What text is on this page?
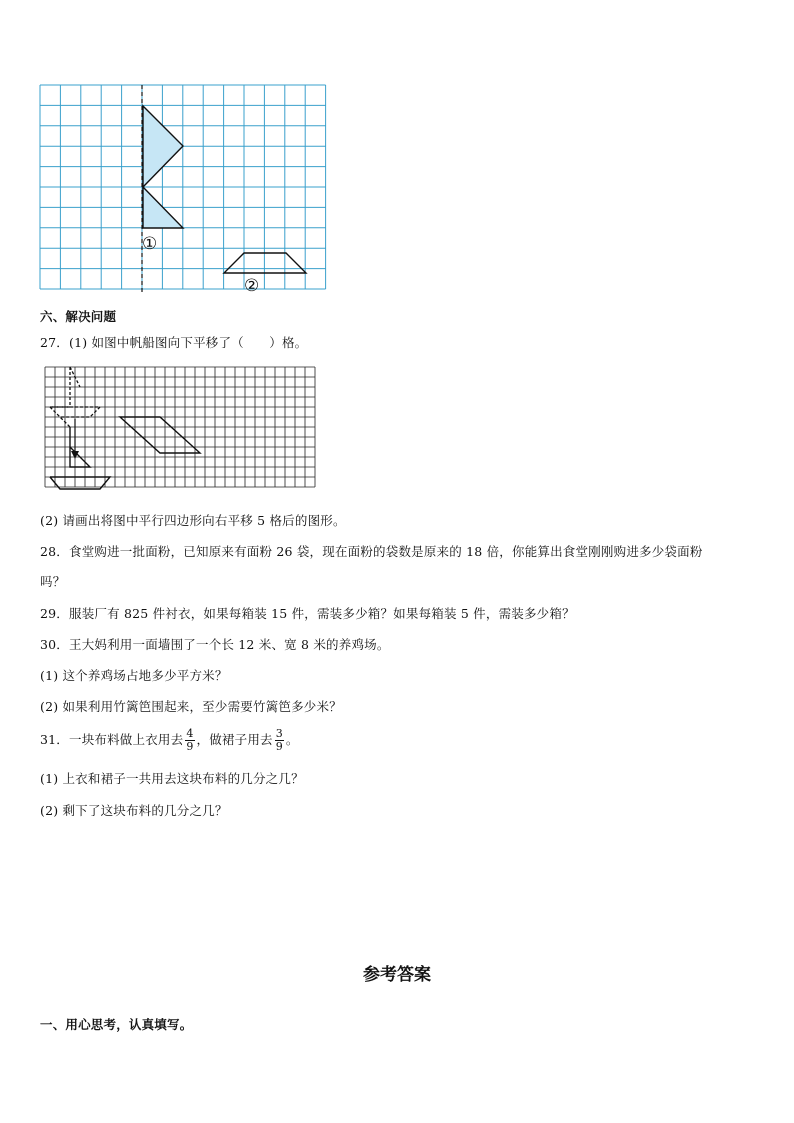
①
②
六、解决问题
27．(1) 如图中帆船图向下平移了（　　）格。
(2) 请画出将图中平行四边形向右平移 5 格后的图形。
28．食堂购进一批面粉，已知原来有面粉 26 袋，现在面粉的袋数是原来的 18 倍，你能算出食堂刚刚购进多少袋面粉
吗？
29．服装厂有 825 件衬衣，如果每箱装 15 件，需装多少箱？如果每箱装 5 件，需装多少箱？
30．王大妈利用一面墙围了一个长 12 米、宽 8 米的养鸡场。
(1) 这个养鸡场占地多少平方米？
(2) 如果利用竹篱笆围起来，至少需要竹篱笆多少米？
31．一块布料做上衣用去 $\frac{4}{9}$ ，做裙子用去 $\frac{3}{9}$ 。
(1) 上衣和裙子一共用去这块布料的几分之几？
(2) 剩下了这块布料的几分之几？
参考答案
一、用心思考，认真填写。
